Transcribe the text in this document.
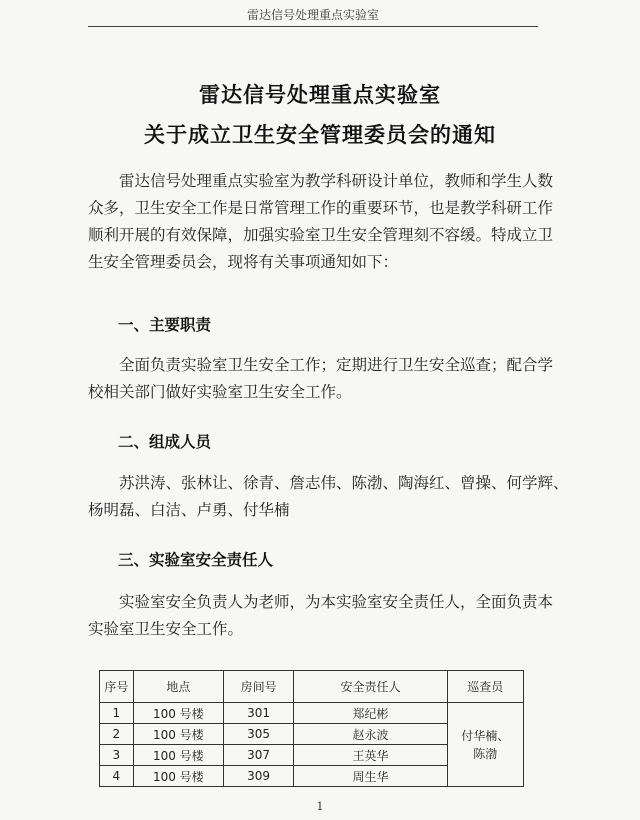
雷达信号处理重点实验室
雷达信号处理重点实验室
关于成立卫生安全管理委员会的通知
雷达信号处理重点实验室为教学科研设计单位，教师和学生人数
众多，卫生安全工作是日常管理工作的重要环节，也是教学科研工作
顺利开展的有效保障，加强实验室卫生安全管理刻不容缓。特成立卫
生安全管理委员会，现将有关事项通知如下：
一、主要职责
全面负责实验室卫生安全工作；定期进行卫生安全巡查；配合学
校相关部门做好实验室卫生安全工作。
二、组成人员
苏洪涛、张林让、徐青、詹志伟、陈渤、陶海红、曾操、何学辉、
杨明磊、白洁、卢勇、付华楠
三、实验室安全责任人
实验室安全负责人为老师，为本实验室安全责任人，全面负责本
实验室卫生安全工作。
序号	地点	房间号	安全责任人	巡查员
1	100 号楼	301	郑纪彬	付华楠、
陈渤
2	100 号楼	305	赵永波	
3	100 号楼	307	王英华	
4	100 号楼	309	周生华	
1
